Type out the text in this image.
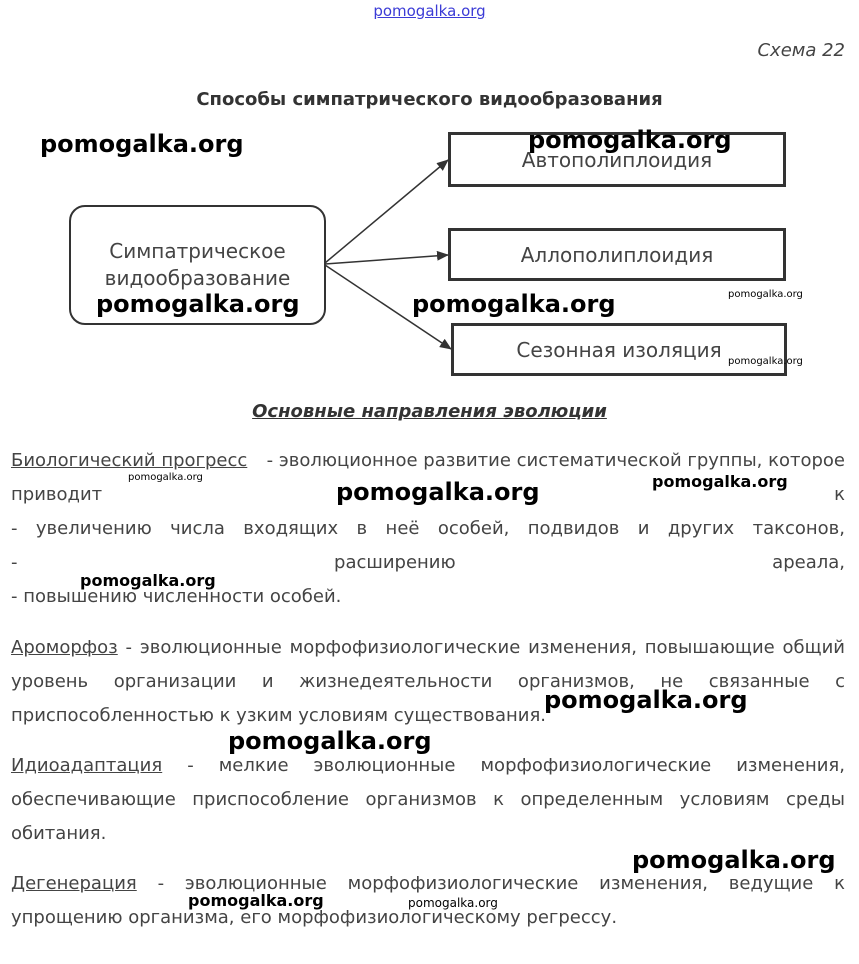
pomogalka.org
Схема 22
Способы симпатрического видообразования
Симпатрическое
видообразование
Автополиплоидия
Аллополиплоидия
Сезонная изоляция
Основные направления эволюции
Биологический прогресс - эволюционное развитие систематической группы, которое
приводит	к
- увеличению числа входящих в неё особей, подвидов и других таксонов,
-	расширению	ареала,
- повышению численности особей.
Ароморфоз - эволюционные морфофизиологические изменения, повышающие общий уровень организации и жизнедеятельности организмов, не связанные с приспособленностью к узким условиям существования.
Идиоадаптация - мелкие эволюционные морфофизиологические изменения, обеспечивающие приспособление организмов к определенным условиям среды обитания.
Дегенерация - эволюционные морфофизиологические изменения, ведущие к упрощению организма, его морфофизиологическому регрессу.
pomogalka.org	pomogalka.org
pomogalka.org	pomogalka.org	pomogalka.org
pomogalka.org
pomogalka.org
pomogalka.org	pomogalka.org
pomogalka.org
pomogalka.org
pomogalka.org
pomogalka.org
pomogalka.org	pomogalka.org
